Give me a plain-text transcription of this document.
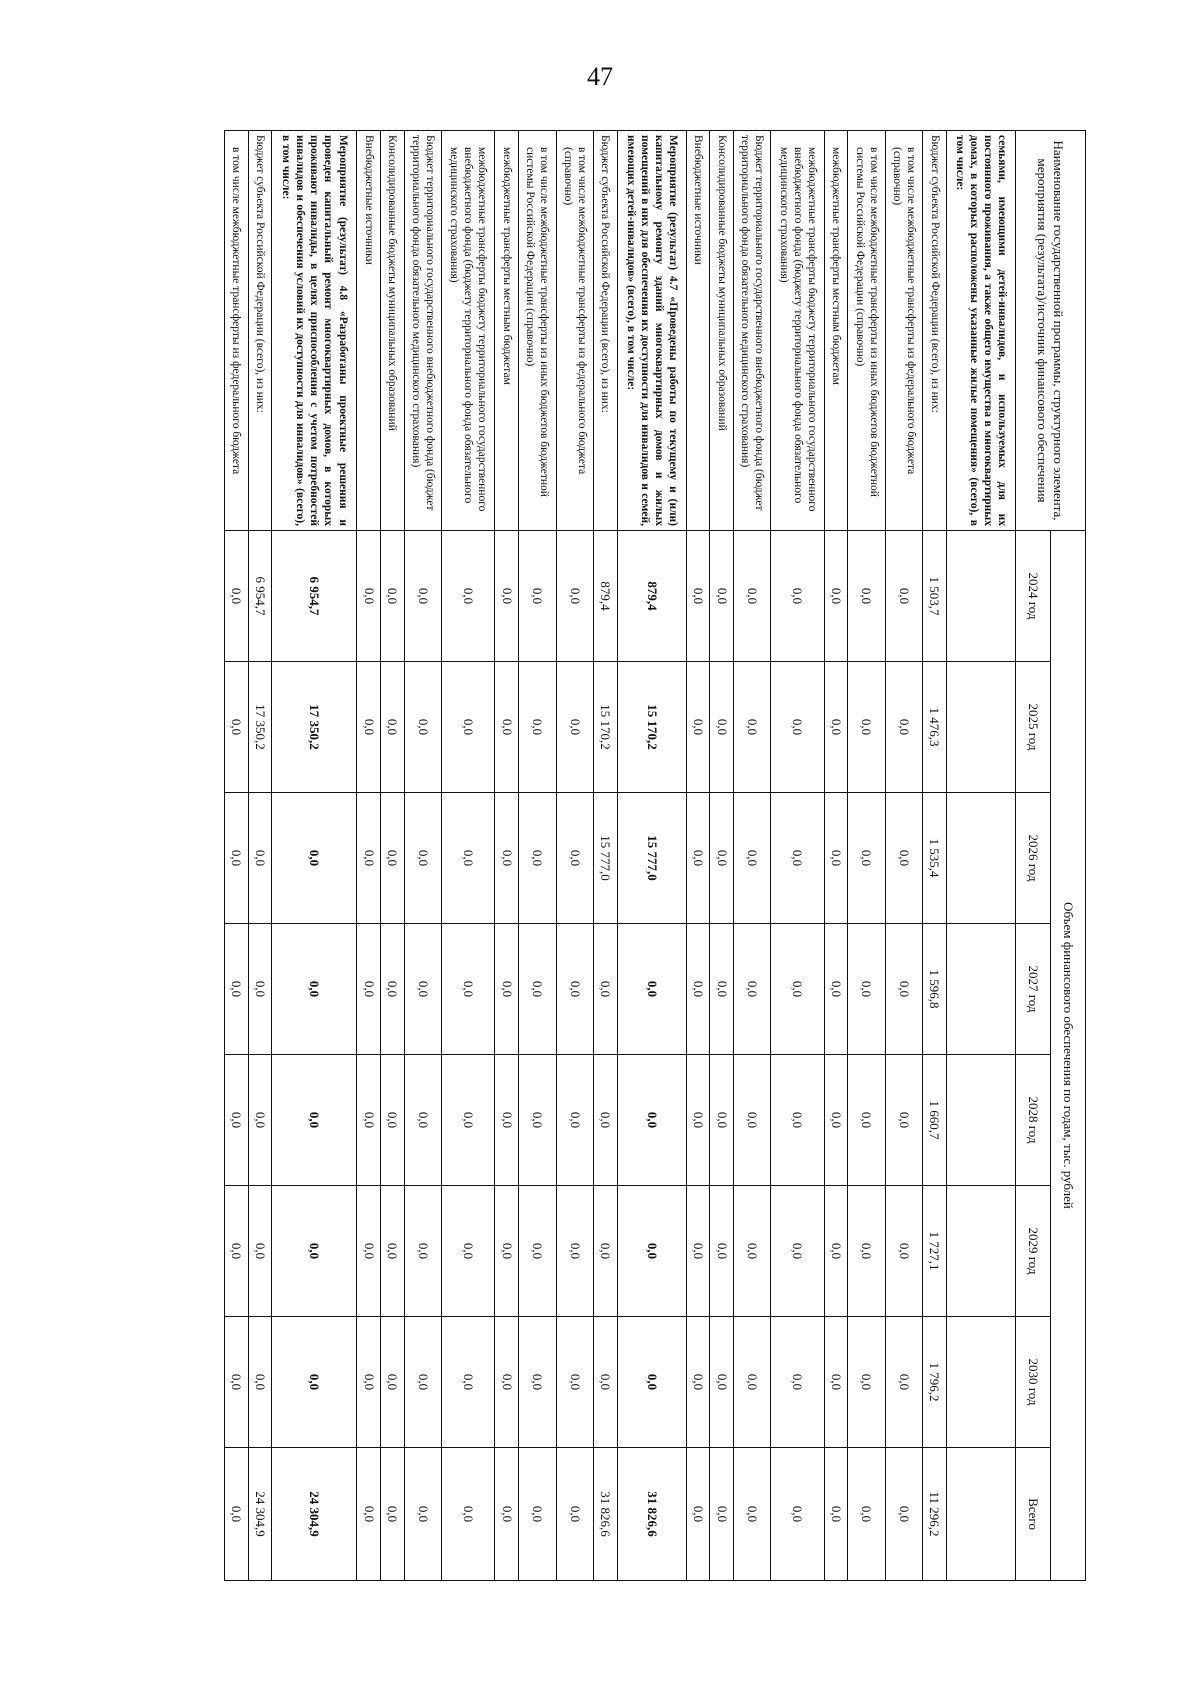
47
Наименование государственной программы, структурного элемента, мероприятия (результата)/источник финансового обеспечения	Объем финансового обеспечения по годам, тыс. рублей							
	2024 год	2025 год	2026 год	2027 год	2028 год	2029 год	2030 год	Всего
семьями, имеющими детей-инвалидов, и используемых для их постоянного проживания, а также общего имущества в многоквартирных домах, в которых расположены указанные жилые помещения» (всего), в том числе:								
Бюджет субъекта Российской Федерации (всего), из них:	1 503,7	1 476,3	1 535,4	1 596,8	1 660,7	1 727,1	1 796,2	11 296,2
в том числе межбюджетные трансферты из федерального бюджета (справочно)	0,0	0,0	0,0	0,0	0,0	0,0	0,0	0,0
в том числе межбюджетные трансферты из иных бюджетов бюджетной системы Российской Федерации (справочно)	0,0	0,0	0,0	0,0	0,0	0,0	0,0	0,0
межбюджетные трансферты местным бюджетам	0,0	0,0	0,0	0,0	0,0	0,0	0,0	0,0
межбюджетные трансферты бюджету территориального государственного внебюджетного фонда (бюджету территориального фонда обязательного медицинского страхования)	0,0	0,0	0,0	0,0	0,0	0,0	0,0	0,0
Бюджет территориального государственного внебюджетного фонда (бюджет территориального фонда обязательного медицинского страхования)	0,0	0,0	0,0	0,0	0,0	0,0	0,0	0,0
Консолидированные бюджеты муниципальных образований	0,0	0,0	0,0	0,0	0,0	0,0	0,0	0,0
Внебюджетные источники	0,0	0,0	0,0	0,0	0,0	0,0	0,0	0,0
Мероприятие (результат) 4.7 «Проведены работы по текущему и (или) капитальному ремонту зданий многоквартирных домов и жилых помещений в них для обеспечения их доступности для инвалидов и семей, имеющих детей-инвалидов» (всего), в том числе:	879,4	15 170,2	15 777,0	0,0	0,0	0,0	0,0	31 826,6
Бюджет субъекта Российской Федерации (всего), из них:	879,4	15 170,2	15 777,0	0,0	0,0	0,0	0,0	31 826,6
в том числе межбюджетные трансферты из федерального бюджета (справочно)	0,0	0,0	0,0	0,0	0,0	0,0	0,0	0,0
в том числе межбюджетные трансферты из иных бюджетов бюджетной системы Российской Федерации (справочно)	0,0	0,0	0,0	0,0	0,0	0,0	0,0	0,0
межбюджетные трансферты местным бюджетам	0,0	0,0	0,0	0,0	0,0	0,0	0,0	0,0
межбюджетные трансферты бюджету территориального государственного внебюджетного фонда (бюджету территориального фонда обязательного медицинского страхования)	0,0	0,0	0,0	0,0	0,0	0,0	0,0	0,0
Бюджет территориального государственного внебюджетного фонда (бюджет территориального фонда обязательного медицинского страхования)	0,0	0,0	0,0	0,0	0,0	0,0	0,0	0,0
Консолидированные бюджеты муниципальных образований	0,0	0,0	0,0	0,0	0,0	0,0	0,0	0,0
Внебюджетные источники	0,0	0,0	0,0	0,0	0,0	0,0	0,0	0,0
Мероприятие (результат) 4.8 «Разработаны проектные решения и проведен капитальный ремонт многоквартирных домов, в которых проживают инвалиды, в целях приспособления с учетом потребностей инвалидов и обеспечения условий их доступности для инвалидов» (всего), в том числе:	6 954,7	17 350,2	0,0	0,0	0,0	0,0	0,0	24 304,9
Бюджет субъекта Российской Федерации (всего), из них:	6 954,7	17 350,2	0,0	0,0	0,0	0,0	0,0	24 304,9
в том числе межбюджетные трансферты из федерального бюджета	0,0	0,0	0,0	0,0	0,0	0,0	0,0	0,0
